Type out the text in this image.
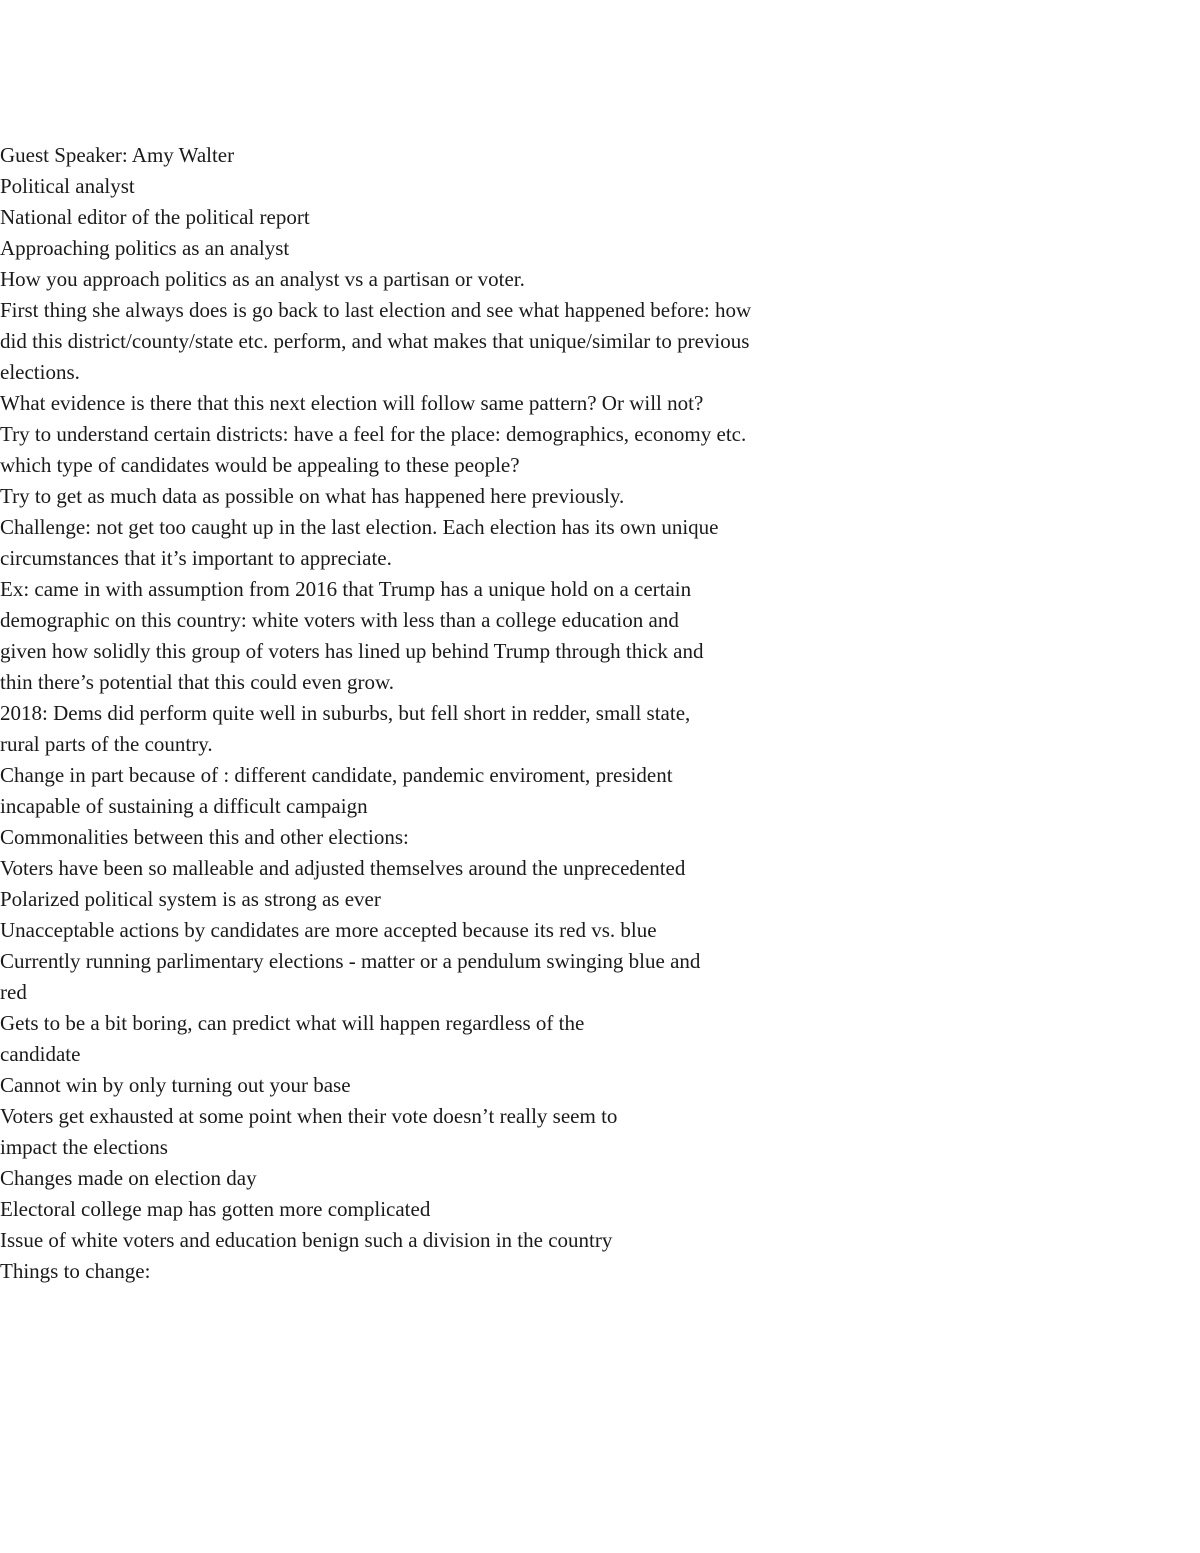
Guest Speaker: Amy Walter
Political analyst
National editor of the political report
Approaching politics as an analyst
How you approach politics as an analyst vs a partisan or voter.
First thing she always does is go back to last election and see what happened before: how did this district/county/state etc. perform, and what makes that unique/similar to previous elections.
What evidence is there that this next election will follow same pattern? Or will not?
Try to understand certain districts: have a feel for the place: demographics, economy etc. which type of candidates would be appealing to these people?
Try to get as much data as possible on what has happened here previously.
Challenge: not get too caught up in the last election. Each election has its own unique circumstances that it’s important to appreciate.
Ex: came in with assumption from 2016 that Trump has a unique hold on a certain demographic on this country: white voters with less than a college education and given how solidly this group of voters has lined up behind Trump through thick and thin there’s potential that this could even grow.
2018: Dems did perform quite well in suburbs, but fell short in redder, small state, rural parts of the country.
Change in part because of : different candidate, pandemic enviroment, president incapable of sustaining a difficult campaign
Commonalities between this and other elections:
Voters have been so malleable and adjusted themselves around the unprecedented
Polarized political system is as strong as ever
Unacceptable actions by candidates are more accepted because its red vs. blue
Currently running parlimentary elections - matter or a pendulum swinging blue and red
Gets to be a bit boring, can predict what will happen regardless of the candidate
Cannot win by only turning out your base
Voters get exhausted at some point when their vote doesn’t really seem to impact the elections
Changes made on election day
Electoral college map has gotten more complicated
Issue of white voters and education benign such a division in the country
Things to change:
